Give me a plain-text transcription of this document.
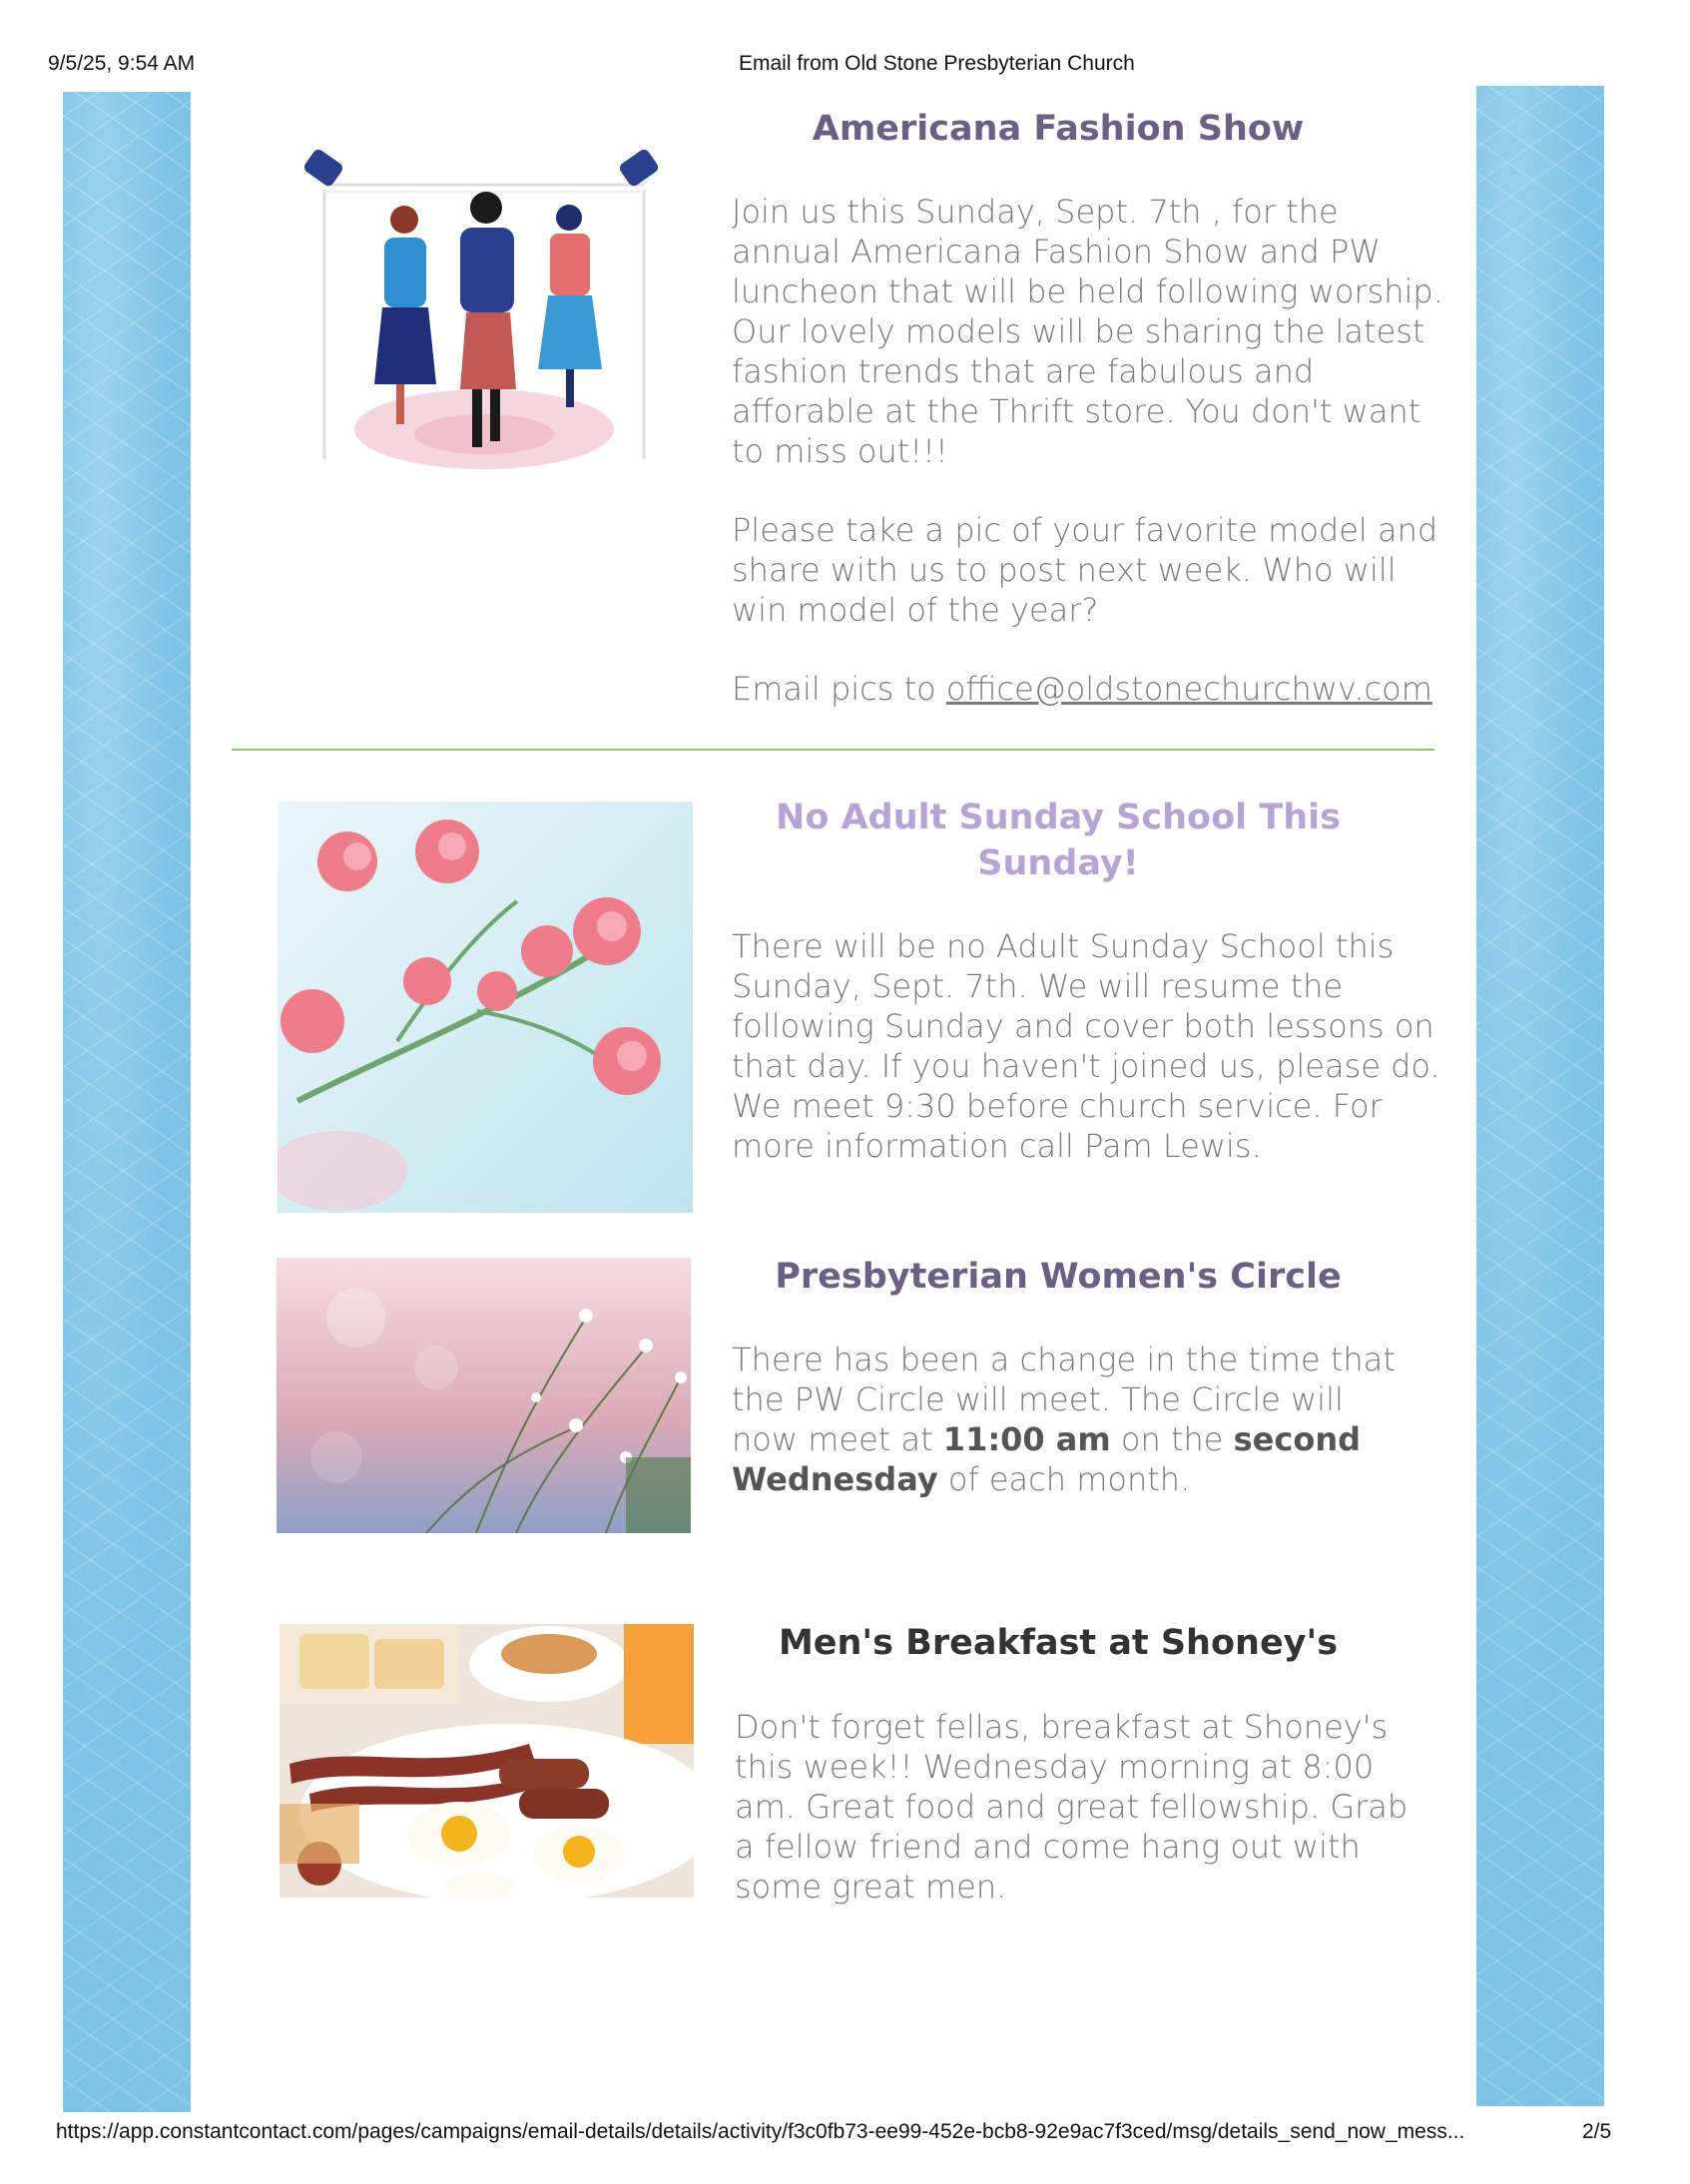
9/5/25, 9:54 AM	Email from Old Stone Presbyterian Church
https://app.constantcontact.com/pages/campaigns/email-details/details/activity/f3c0fb73-ee99-452e-bcb8-92e9ac7f3ced/msg/details_send_now_mess...	2/5
Americana Fashion Show

Join us this Sunday, Sept. 7th , for the annual Americana Fashion Show and PW luncheon that will be held following worship. Our lovely models will be sharing the latest fashion trends that are fabulous and afforable at the Thrift store. You don't want to miss out!!!

Please take a pic of your favorite model and share with us to post next week. Who will win model of the year?

Email pics to office@oldstonechurchwv.com

No Adult Sunday School This Sunday!

There will be no Adult Sunday School this Sunday, Sept. 7th. We will resume the following Sunday and cover both lessons on that day. If you haven't joined us, please do. We meet 9:30 before church service. For more information call Pam Lewis.

Presbyterian Women's Circle

There has been a change in the time that the PW Circle will meet. The Circle will now meet at 11:00 am on the second Wednesday of each month.

Men's Breakfast at Shoney's

Don't forget fellas, breakfast at Shoney's this week!! Wednesday morning at 8:00 am. Great food and great fellowship. Grab a fellow friend and come hang out with some great men.
